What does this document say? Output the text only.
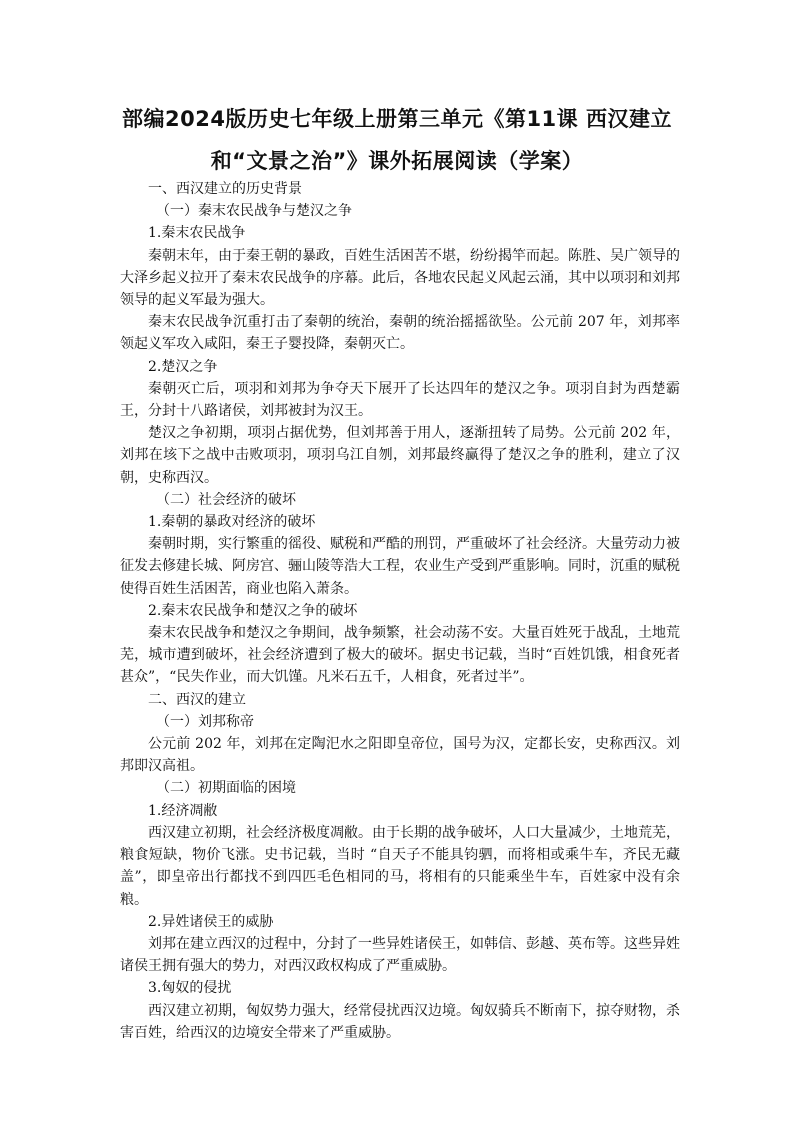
部编2024版历史七年级上册第三单元《第11课 西汉建立和“文景之治”》课外拓展阅读（学案）

一、西汉建立的历史背景

（一）秦末农民战争与楚汉之争

1.秦末农民战争

秦朝末年，由于秦王朝的暴政，百姓生活困苦不堪，纷纷揭竿而起。陈胜、吴广领导的大泽乡起义拉开了秦末农民战争的序幕。此后，各地农民起义风起云涌，其中以项羽和刘邦领导的起义军最为强大。

秦末农民战争沉重打击了秦朝的统治，秦朝的统治摇摇欲坠。公元前 207 年，刘邦率领起义军攻入咸阳，秦王子婴投降，秦朝灭亡。

2.楚汉之争

秦朝灭亡后，项羽和刘邦为争夺天下展开了长达四年的楚汉之争。项羽自封为西楚霸王，分封十八路诸侯，刘邦被封为汉王。

楚汉之争初期，项羽占据优势，但刘邦善于用人，逐渐扭转了局势。公元前 202 年，刘邦在垓下之战中击败项羽，项羽乌江自刎，刘邦最终赢得了楚汉之争的胜利，建立了汉朝，史称西汉。

（二）社会经济的破坏

1.秦朝的暴政对经济的破坏

秦朝时期，实行繁重的徭役、赋税和严酷的刑罚，严重破坏了社会经济。大量劳动力被征发去修建长城、阿房宫、骊山陵等浩大工程，农业生产受到严重影响。同时，沉重的赋税使得百姓生活困苦，商业也陷入萧条。

2.秦末农民战争和楚汉之争的破坏

秦末农民战争和楚汉之争期间，战争频繁，社会动荡不安。大量百姓死于战乱，土地荒芜，城市遭到破坏，社会经济遭到了极大的破坏。据史书记载，当时“百姓饥饿，相食死者甚众”，“民失作业，而大饥馑。凡米石五千，人相食，死者过半”。

二、西汉的建立

（一）刘邦称帝

公元前 202 年，刘邦在定陶汜水之阳即皇帝位，国号为汉，定都长安，史称西汉。刘邦即汉高祖。

（二）初期面临的困境

1.经济凋敝

西汉建立初期，社会经济极度凋敝。由于长期的战争破坏，人口大量减少，土地荒芜，粮食短缺，物价飞涨。史书记载，当时 “自天子不能具钧驷，而将相或乘牛车，齐民无藏盖”，即皇帝出行都找不到四匹毛色相同的马，将相有的只能乘坐牛车，百姓家中没有余粮。

2.异姓诸侯王的威胁

刘邦在建立西汉的过程中，分封了一些异姓诸侯王，如韩信、彭越、英布等。这些异姓诸侯王拥有强大的势力，对西汉政权构成了严重威胁。

3.匈奴的侵扰

西汉建立初期，匈奴势力强大，经常侵扰西汉边境。匈奴骑兵不断南下，掠夺财物，杀害百姓，给西汉的边境安全带来了严重威胁。
